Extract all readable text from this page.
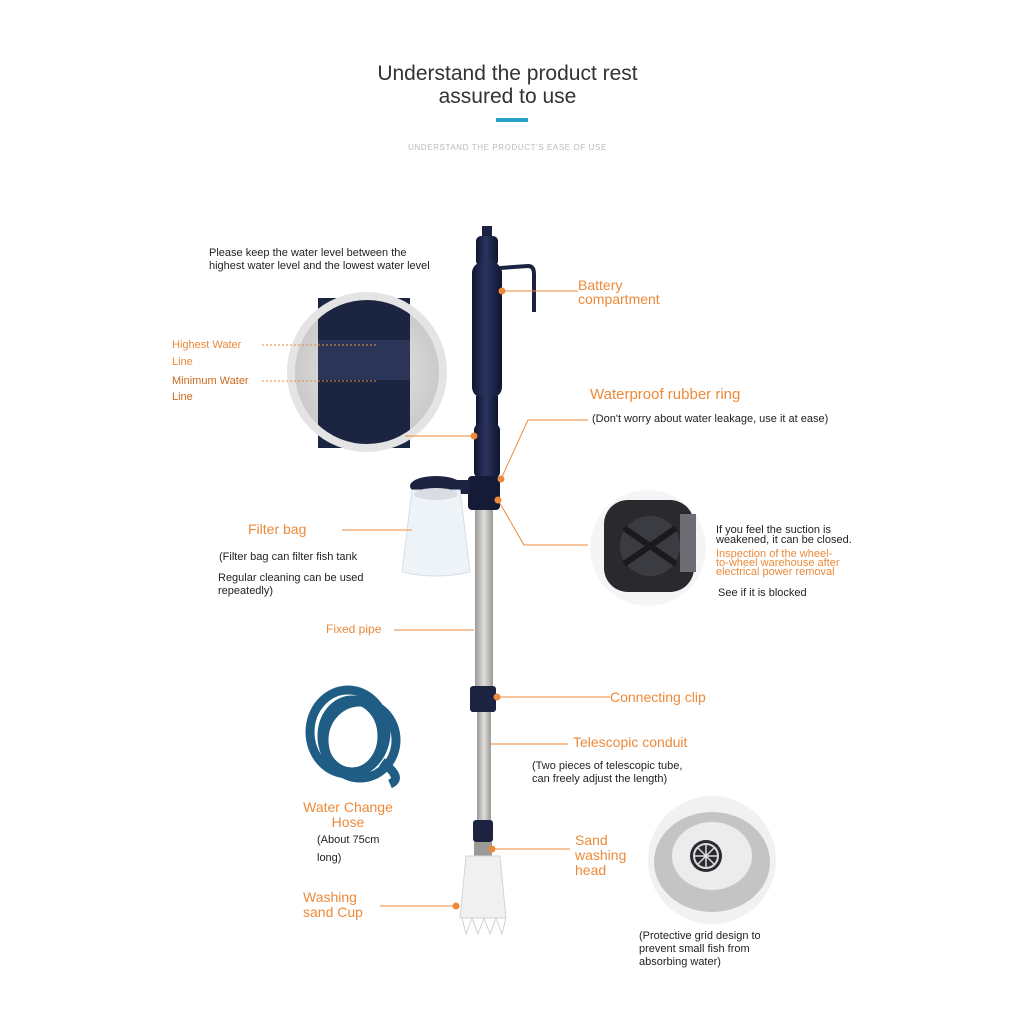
Understand the product rest
assured to use
UNDERSTAND THE PRODUCT'S EASE OF USE
Please keep the water level between the highest water level and the lowest water level
Highest Water
Line
Minimum Water
Line
Battery
compartment
Waterproof rubber ring
(Don't worry about water leakage, use it at ease)
If you feel the suction is
weakened, it can be closed.
Inspection of the wheel-
to-wheel warehouse after
electrical power removal
See if it is blocked
Filter bag
(Filter bag can filter fish tank
Regular cleaning can be used
repeatedly)
Fixed pipe
Connecting clip
Telescopic conduit
(Two pieces of telescopic tube,
can freely adjust the length)
Water Change
Hose
(About 75cm
long)
Sand
washing
head
Washing
sand Cup
(Protective grid design to
prevent small fish from
absorbing water)
